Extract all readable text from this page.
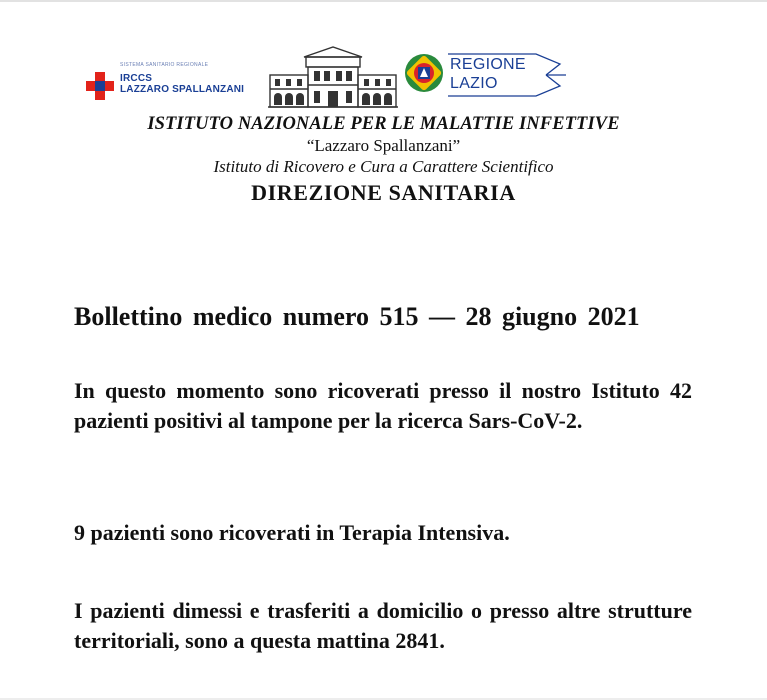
SISTEMA SANITARIO REGIONALE
IRCCS
LAZZARO SPALLANZANI
REGIONE
LAZIO
ISTITUTO NAZIONALE PER LE MALATTIE INFETTIVE
“Lazzaro Spallanzani”
Istituto di Ricovero e Cura a Carattere Scientifico
DIREZIONE SANITARIA
Bollettino medico numero 515 — 28 giugno 2021
In questo momento sono ricoverati presso il nostro Istituto 42 pazienti positivi al tampone per la ricerca Sars-CoV-2.
9 pazienti sono ricoverati in Terapia Intensiva.
I pazienti dimessi e trasferiti a domicilio o presso altre strutture territoriali, sono a questa mattina 2841.
